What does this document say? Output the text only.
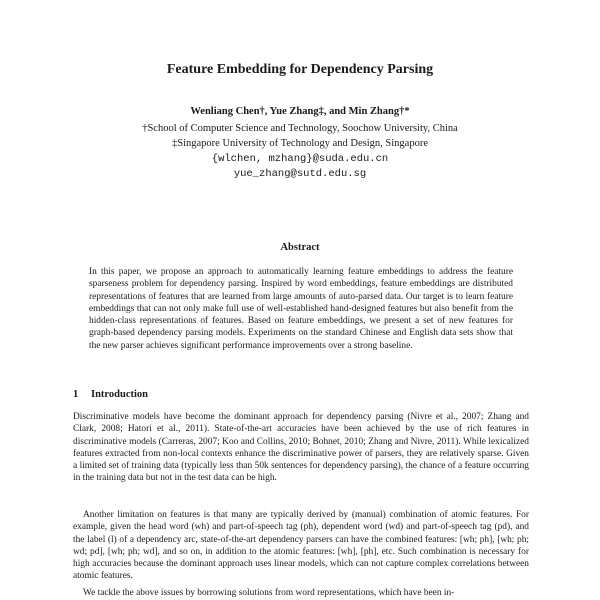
Feature Embedding for Dependency Parsing
Wenliang Chen†, Yue Zhang‡, and Min Zhang†*
†School of Computer Science and Technology, Soochow University, China
‡Singapore University of Technology and Design, Singapore
{wlchen, mzhang}@suda.edu.cn
yue_zhang@sutd.edu.sg
Abstract

In this paper, we propose an approach to automatically learning feature embeddings to address the feature sparseness problem for dependency parsing. Inspired by word embeddings, feature embeddings are distributed representations of features that are learned from large amounts of auto-parsed data. Our target is to learn feature embeddings that can not only make full use of well-established hand-designed features but also benefit from the hidden-class representations of features. Based on feature embeddings, we present a set of new features for graph-based dependency parsing models. Experiments on the standard Chinese and English data sets show that the new parser achieves significant performance improvements over a strong baseline.

1 Introduction

Discriminative models have become the dominant approach for dependency parsing (Nivre et al., 2007; Zhang and Clark, 2008; Hatori et al., 2011). State-of-the-art accuracies have been achieved by the use of rich features in discriminative models (Carreras, 2007; Koo and Collins, 2010; Bohnet, 2010; Zhang and Nivre, 2011). While lexicalized features extracted from non-local contexts enhance the discriminative power of parsers, they are relatively sparse. Given a limited set of training data (typically less than 50k sentences for dependency parsing), the chance of a feature occurring in the training data but not in the test data can be high.

Another limitation on features is that many are typically derived by (manual) combination of atomic features. For example, given the head word (wh) and part-of-speech tag (ph), dependent word (wd) and part-of-speech tag (pd), and the label (l) of a dependency arc, state-of-the-art dependency parsers can have the combined features: [wh; ph], [wh; ph; wd; pd], [wh; ph; wd], and so on, in addition to the atomic features: [wh], [ph], etc. Such combination is necessary for high accuracies because the dominant approach uses linear models, which can not capture complex correlations between atomic features.

We tackle the above issues by borrowing solutions from word representations, which have been in-
